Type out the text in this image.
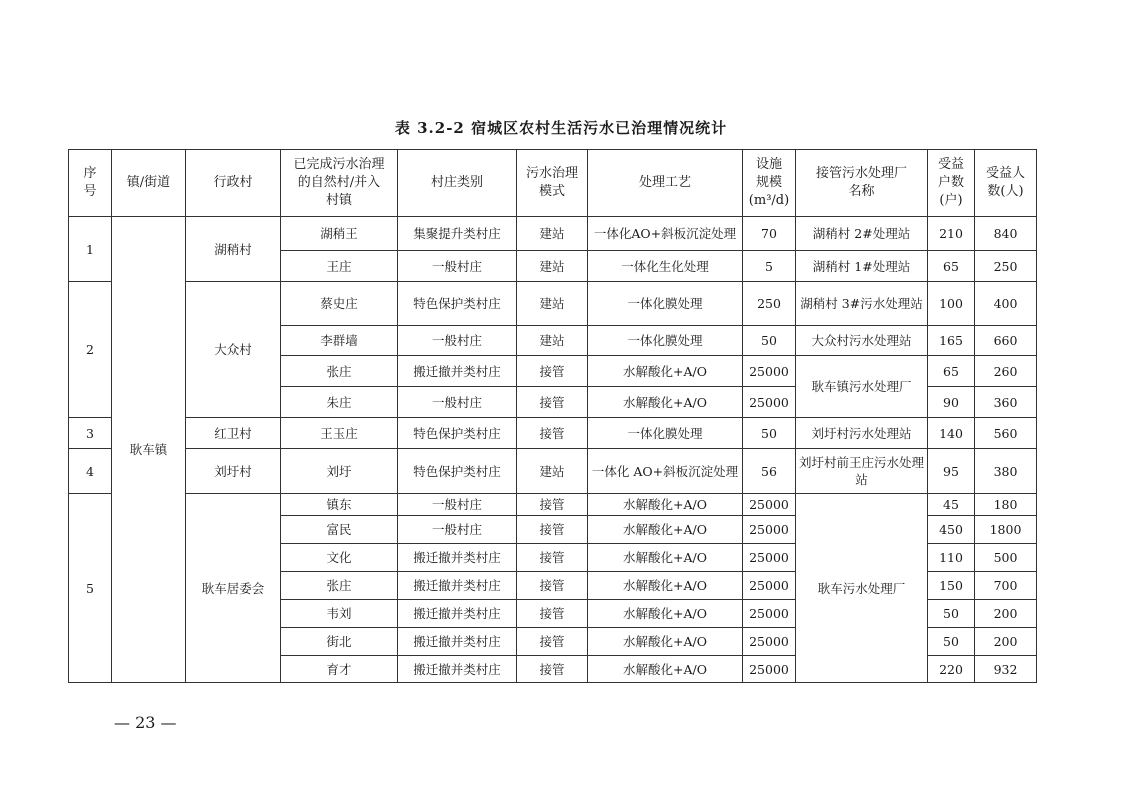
表 3.2-2 宿城区农村生活污水已治理情况统计
序
号	镇/街道	行政村	已完成污水治理
的自然村/并入
村镇	村庄类别	污水治理
模式	处理工艺	设施
规模
(m³/d)	接管污水处理厂
名称	受益
户数
(户)	受益人
数(人)
1	耿车镇	湖稍村	湖稍王	集聚提升类村庄	建站	一体化AO+斜板沉淀处理	70	湖稍村 2#处理站	210	840
			王庄	一般村庄	建站	一体化生化处理	5	湖稍村 1#处理站	65	250
2		大众村	蔡史庄	特色保护类村庄	建站	一体化膜处理	250	湖稍村 3#污水处理站	100	400
			李群墙	一般村庄	建站	一体化膜处理	50	大众村污水处理站	165	660
			张庄	搬迁撤并类村庄	接管	水解酸化+A/O	25000	耿车镇污水处理厂	65	260
			朱庄	一般村庄	接管	水解酸化+A/O	25000		90	360
3		红卫村	王玉庄	特色保护类村庄	接管	一体化膜处理	50	刘圩村污水处理站	140	560
4		刘圩村	刘圩	特色保护类村庄	建站	一体化 AO+斜板沉淀处理	56	刘圩村前王庄污水处理站	95	380
5		耿车居委会	镇东	一般村庄	接管	水解酸化+A/O	25000	耿车污水处理厂	45	180
			富民	一般村庄	接管	水解酸化+A/O	25000		450	1800
			文化	搬迁撤并类村庄	接管	水解酸化+A/O	25000		110	500
			张庄	搬迁撤并类村庄	接管	水解酸化+A/O	25000		150	700
			韦刘	搬迁撤并类村庄	接管	水解酸化+A/O	25000		50	200
			街北	搬迁撤并类村庄	接管	水解酸化+A/O	25000		50	200
			育才	搬迁撤并类村庄	接管	水解酸化+A/O	25000		220	932
— 23 —
